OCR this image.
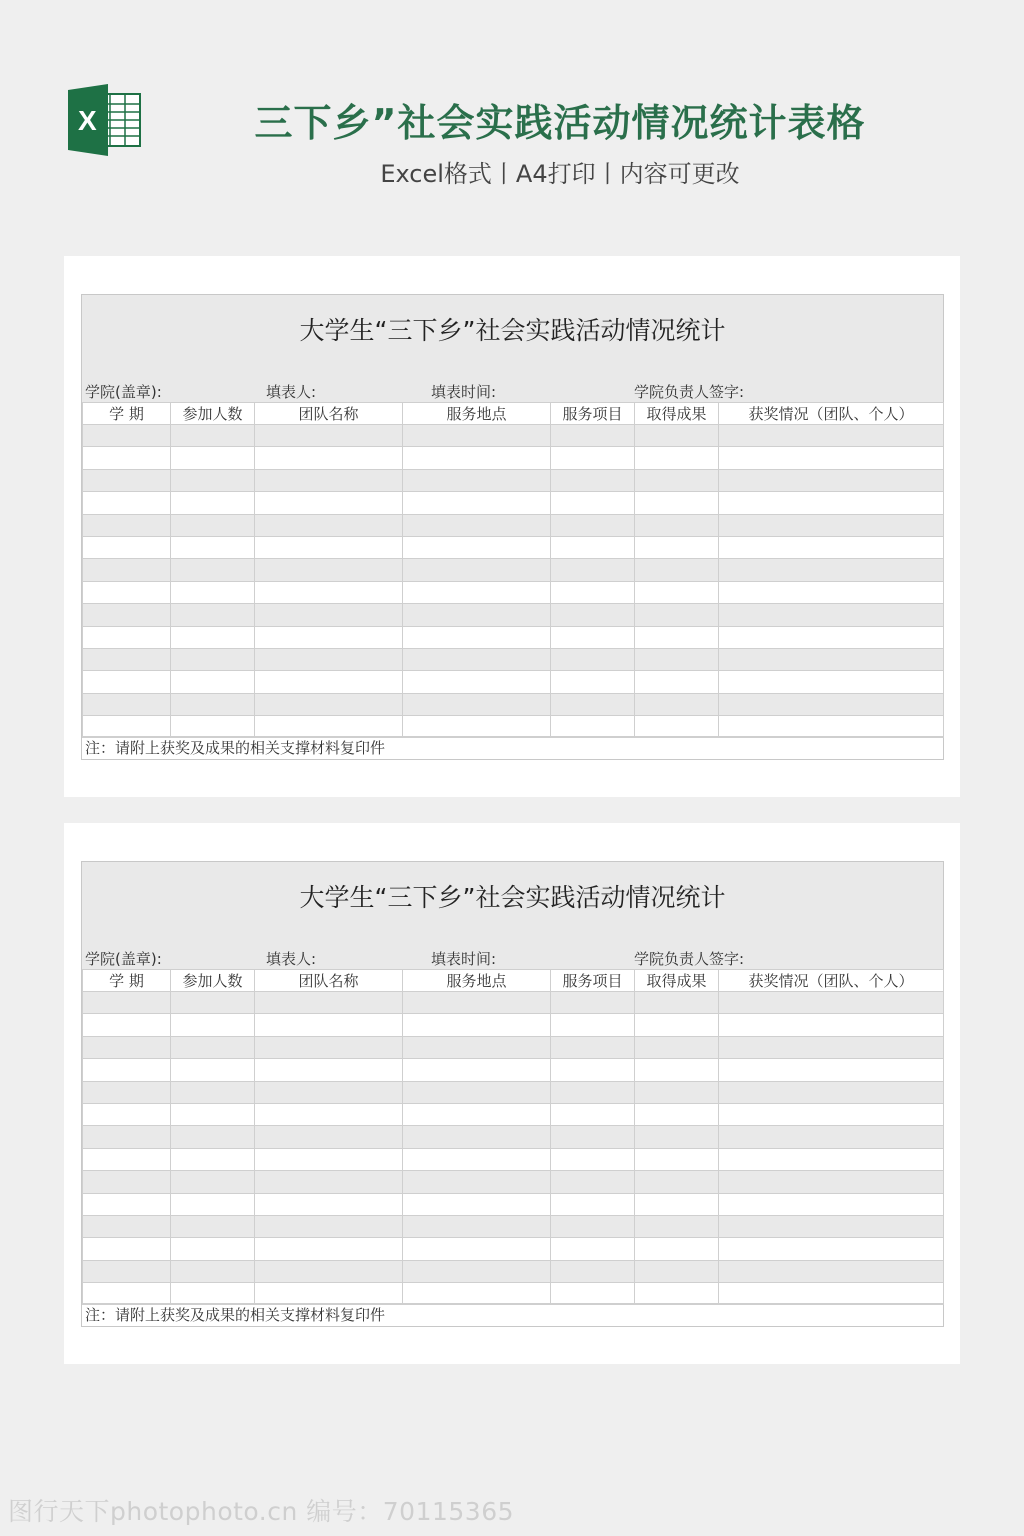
X	三下乡”社会实践活动情况统计表格
Excel格式丨A4打印丨内容可更改
大学生“三下乡”社会实践活动情况统计
学院(盖章):	填表人:	填表时间:	学院负责人签字:
学 期	参加人数	团队名称	服务地点	服务项目	取得成果	获奖情况（团队、个人）

注：请附上获奖及成果的相关支撑材料复印件
大学生“三下乡”社会实践活动情况统计
学院(盖章):	填表人:	填表时间:	学院负责人签字:
学 期	参加人数	团队名称	服务地点	服务项目	取得成果	获奖情况（团队、个人）

注：请附上获奖及成果的相关支撑材料复印件
图行天下photophoto.cn 编号：70115365
